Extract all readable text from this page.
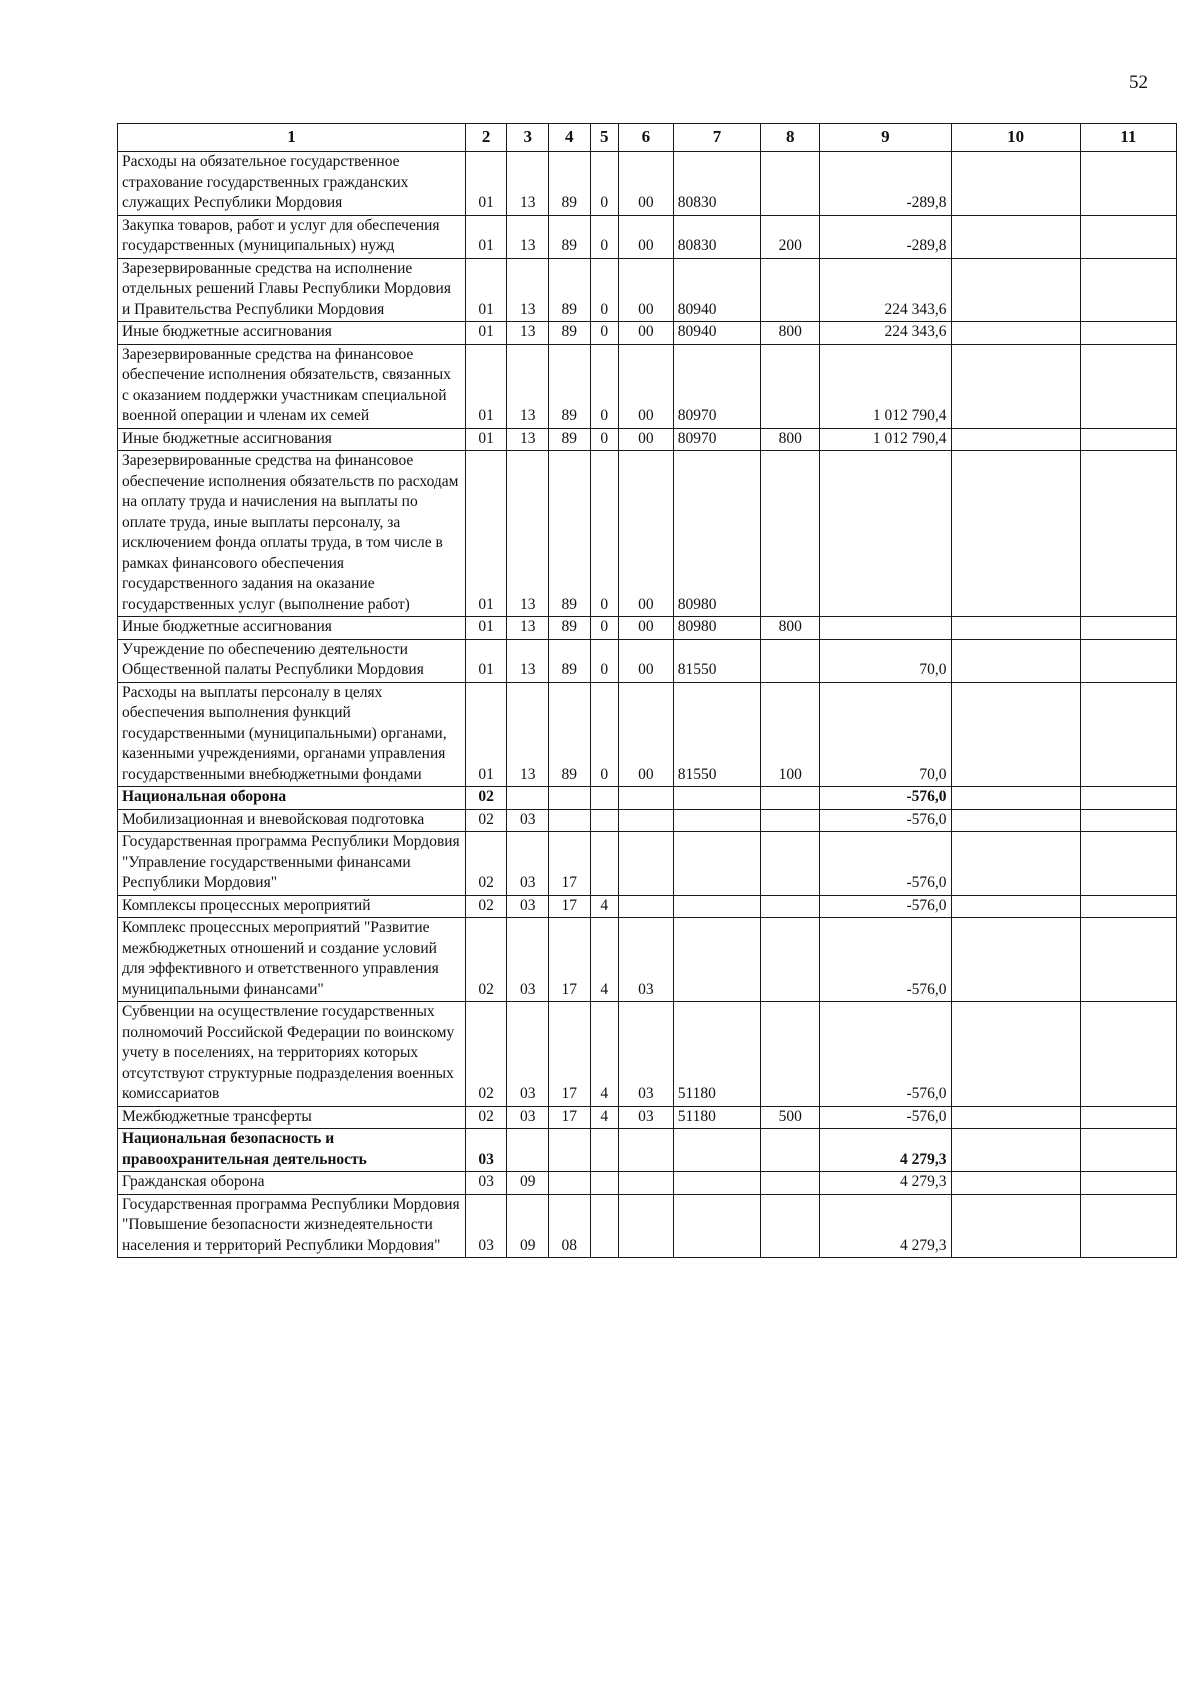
52
1	2	3	4	5	6	7	8	9	10	11
Расходы на обязательное государственное страхование государственных гражданских служащих Республики Мордовия	01	13	89	0	00	80830		-289,8		
Закупка товаров, работ и услуг для обеспечения государственных (муниципальных) нужд	01	13	89	0	00	80830	200	-289,8		
Зарезервированные средства на исполнение отдельных решений Главы Республики Мордовия и Правительства Республики Мордовия	01	13	89	0	00	80940		224 343,6		
Иные бюджетные ассигнования	01	13	89	0	00	80940	800	224 343,6		
Зарезервированные средства на финансовое обеспечение исполнения обязательств, связанных с оказанием поддержки участникам специальной военной операции и членам их семей	01	13	89	0	00	80970		1 012 790,4		
Иные бюджетные ассигнования	01	13	89	0	00	80970	800	1 012 790,4		
Зарезервированные средства на финансовое обеспечение исполнения обязательств по расходам на оплату труда и начисления на выплаты по оплате труда, иные выплаты персоналу, за исключением фонда оплаты труда, в том числе в рамках финансового обеспечения государственного задания на оказание государственных услуг (выполнение работ)	01	13	89	0	00	80980				
Иные бюджетные ассигнования	01	13	89	0	00	80980	800			
Учреждение по обеспечению деятельности Общественной палаты Республики Мордовия	01	13	89	0	00	81550		70,0		
Расходы на выплаты персоналу в целях обеспечения выполнения функций государственными (муниципальными) органами, казенными учреждениями, органами управления государственными внебюджетными фондами	01	13	89	0	00	81550	100	70,0		
Национальная оборона	02							-576,0		
Мобилизационная и вневойсковая подготовка	02	03						-576,0		
Государственная программа Республики Мордовия "Управление государственными финансами Республики Мордовия"	02	03	17					-576,0		
Комплексы процессных мероприятий	02	03	17	4				-576,0		
Комплекс процессных мероприятий "Развитие межбюджетных отношений и создание условий для эффективного и ответственного управления муниципальными финансами"	02	03	17	4	03			-576,0		
Субвенции на осуществление государственных полномочий Российской Федерации по воинскому учету в поселениях, на территориях которых отсутствуют структурные подразделения военных комиссариатов	02	03	17	4	03	51180		-576,0		
Межбюджетные трансферты	02	03	17	4	03	51180	500	-576,0		
Национальная безопасность и правоохранительная деятельность	03							4 279,3		
Гражданская оборона	03	09						4 279,3		
Государственная программа Республики Мордовия "Повышение безопасности жизнедеятельности населения и территорий Республики Мордовия"	03	09	08					4 279,3		
